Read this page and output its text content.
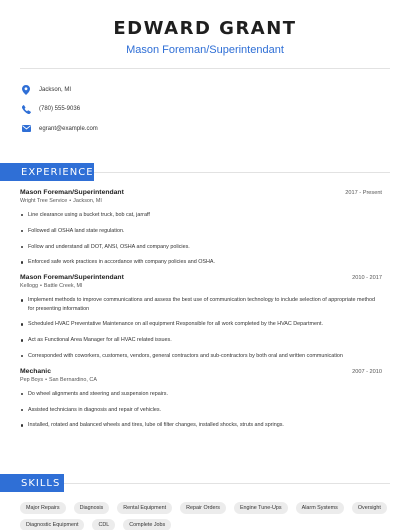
EDWARD GRANT
Mason Foreman/Superintendant
Jackson, MI
(780) 555-9036
egrant@example.com
EXPERIENCE
Mason Foreman/Superintendant	2017 - Present
Wright Tree Service • Jackson, MI
Line clearance using a bucket truck, bob cat, jarraff
Followed all OSHA land state regulation.
Follow and understand all DOT, ANSI, OSHA and company policies.
Enforced safe work practices in accordance with company policies and OSHA.
Mason Foreman/Superintendant	2010 - 2017
Kellogg • Battle Creek, MI
Implement methods to improve communications and assess the best use of communication technology to include selection of appropriate method for presenting information
Scheduled HVAC Preventative Maintenance on all equipment Responsible for all work completed by the HVAC Department.
Act as Functional Area Manager for all HVAC related issues.
Corresponded with coworkers, customers, vendors, general contractors and sub-contractors by both oral and written communication
Mechanic	2007 - 2010
Pep Boys • San Bernardino, CA
Do wheel alignments and steering and suspension repairs.
Assisted technicians in diagnosis and repair of vehicles.
Installed, rotated and balanced wheels and tires, lube oil filter changes, installed shocks, struts and springs.
SKILLS
Major Repairs	Diagnosis	Rental Equipment	Repair Orders	Engine Tune-Ups	Alarm Systems	Oversight
Diagnostic Equipment	CDL	Complete Jobs
